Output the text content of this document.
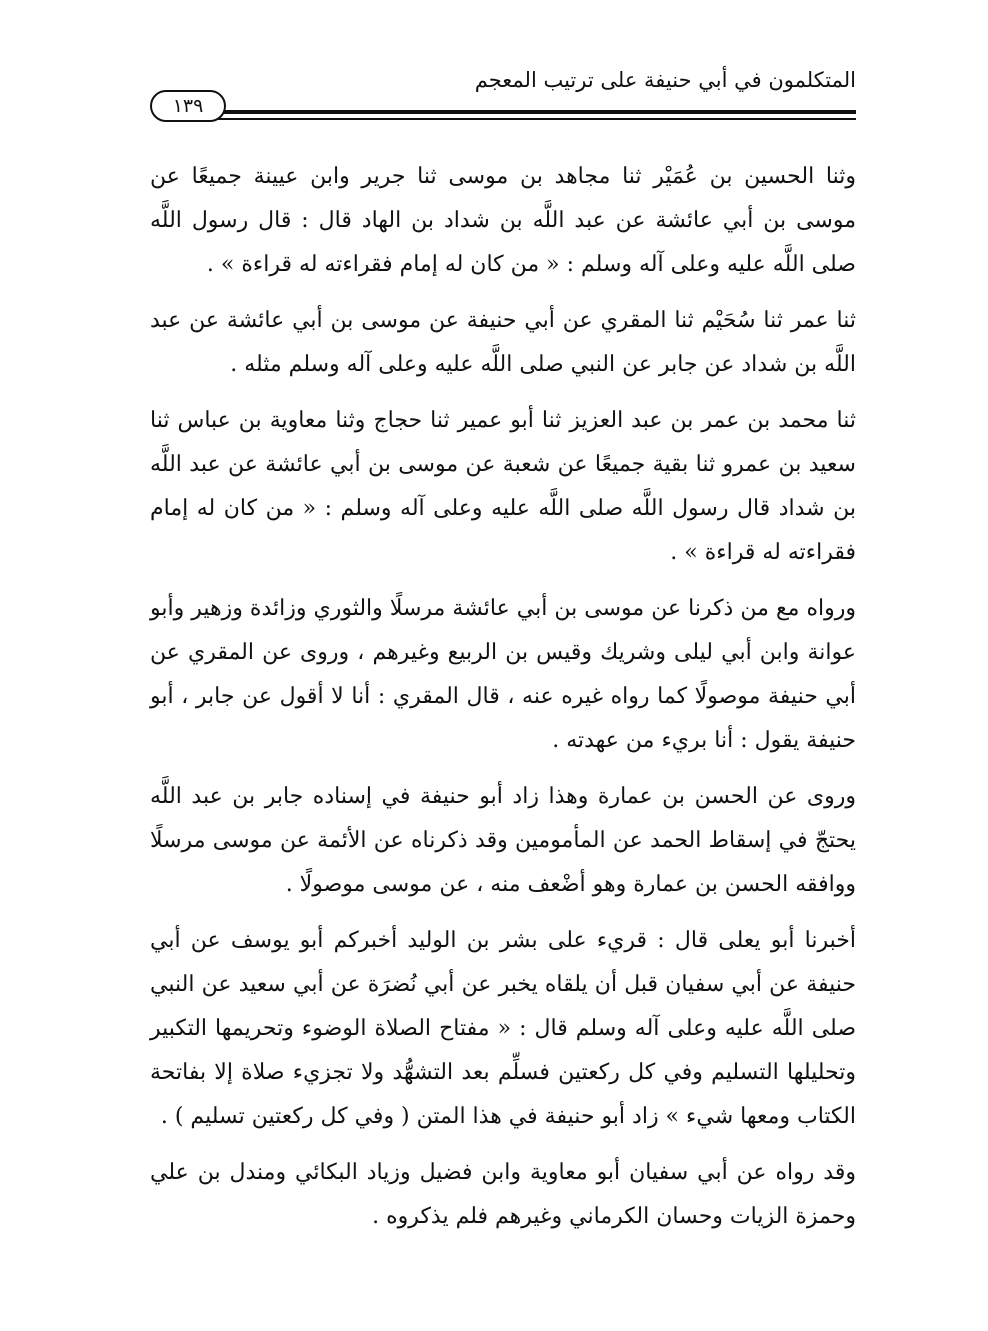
المتكلمون في أبي حنيفة على ترتيب المعجم
١٣٩

وثنا الحسين بن عُمَيْر ثنا مجاهد بن موسى ثنا جرير وابن عيينة جميعًا عن موسى بن أبي عائشة عن عبد اللَّه بن شداد بن الهاد قال : قال رسول اللَّه صلى اللَّه عليه وعلى آله وسلم : « من كان له إمام فقراءته له قراءة » .

ثنا عمر ثنا سُحَيْم ثنا المقري عن أبي حنيفة عن موسى بن أبي عائشة عن عبد اللَّه بن شداد عن جابر عن النبي صلى اللَّه عليه وعلى آله وسلم مثله .

ثنا محمد بن عمر بن عبد العزيز ثنا أبو عمير ثنا حجاج وثنا معاوية بن عباس ثنا سعيد بن عمرو ثنا بقية جميعًا عن شعبة عن موسى بن أبي عائشة عن عبد اللَّه بن شداد قال رسول اللَّه صلى اللَّه عليه وعلى آله وسلم : « من كان له إمام فقراءته له قراءة » .

ورواه مع من ذكرنا عن موسى بن أبي عائشة مرسلًا والثوري وزائدة وزهير وأبو عوانة وابن أبي ليلى وشريك وقيس بن الربيع وغيرهم ، وروى عن المقري عن أبي حنيفة موصولًا كما رواه غيره عنه ، قال المقري : أنا لا أقول عن جابر ، أبو حنيفة يقول : أنا بريء من عهدته .

وروى عن الحسن بن عمارة وهذا زاد أبو حنيفة في إسناده جابر بن عبد اللَّه يحتجّ في إسقاط الحمد عن المأمومين وقد ذكرناه عن الأئمة عن موسى مرسلًا ووافقه الحسن بن عمارة وهو أضْعف منه ، عن موسى موصولًا .

أخبرنا أبو يعلى قال : قريء على بشر بن الوليد أخبركم أبو يوسف عن أبي حنيفة عن أبي سفيان قبل أن يلقاه يخبر عن أبي نُضرَة عن أبي سعيد عن النبي صلى اللَّه عليه وعلى آله وسلم قال : « مفتاح الصلاة الوضوء وتحريمها التكبير وتحليلها التسليم وفي كل ركعتين فسلِّم بعد التشهُّد ولا تجزيء صلاة إلا بفاتحة الكتاب ومعها شيء » زاد أبو حنيفة في هذا المتن ( وفي كل ركعتين تسليم ) .

وقد رواه عن أبي سفيان أبو معاوية وابن فضيل وزياد البكائي ومندل بن علي وحمزة الزيات وحسان الكرماني وغيرهم فلم يذكروه .
